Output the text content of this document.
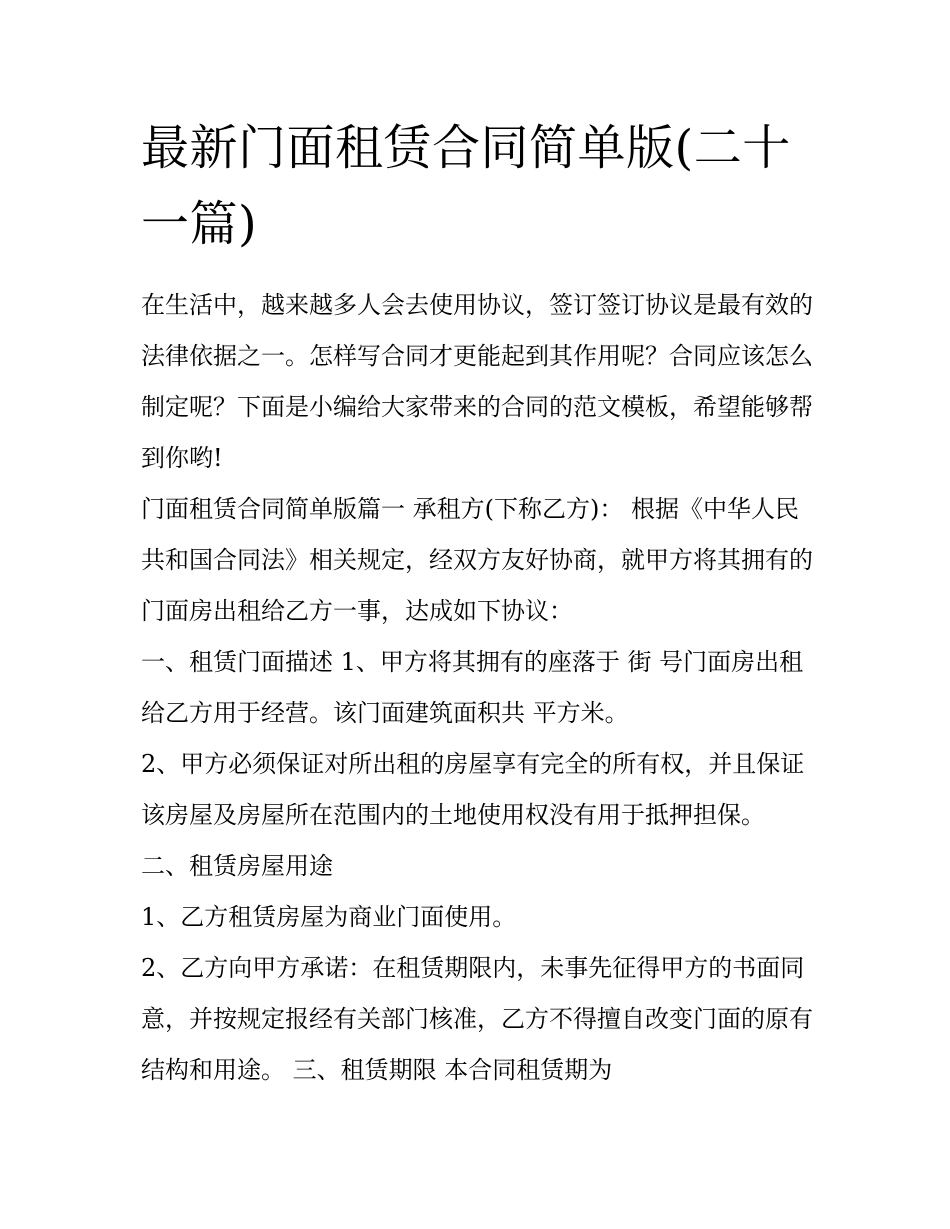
最新门面租赁合同简单版(二十一篇)

在生活中，越来越多人会去使用协议，签订签订协议是最有效的法律依据之一。怎样写合同才更能起到其作用呢？合同应该怎么制定呢？下面是小编给大家带来的合同的范文模板，希望能够帮到你哟!

门面租赁合同简单版篇一 承租方(下称乙方)： 根据《中华人民共和国合同法》相关规定，经双方友好协商，就甲方将其拥有的门面房出租给乙方一事，达成如下协议：

一、租赁门面描述 1、甲方将其拥有的座落于 街 号门面房出租给乙方用于经营。该门面建筑面积共 平方米。

2、甲方必须保证对所出租的房屋享有完全的所有权，并且保证该房屋及房屋所在范围内的土地使用权没有用于抵押担保。

二、租赁房屋用途

1、乙方租赁房屋为商业门面使用。

2、乙方向甲方承诺：在租赁期限内，未事先征得甲方的书面同意，并按规定报经有关部门核准，乙方不得擅自改变门面的原有结构和用途。 三、租赁期限 本合同租赁期为
